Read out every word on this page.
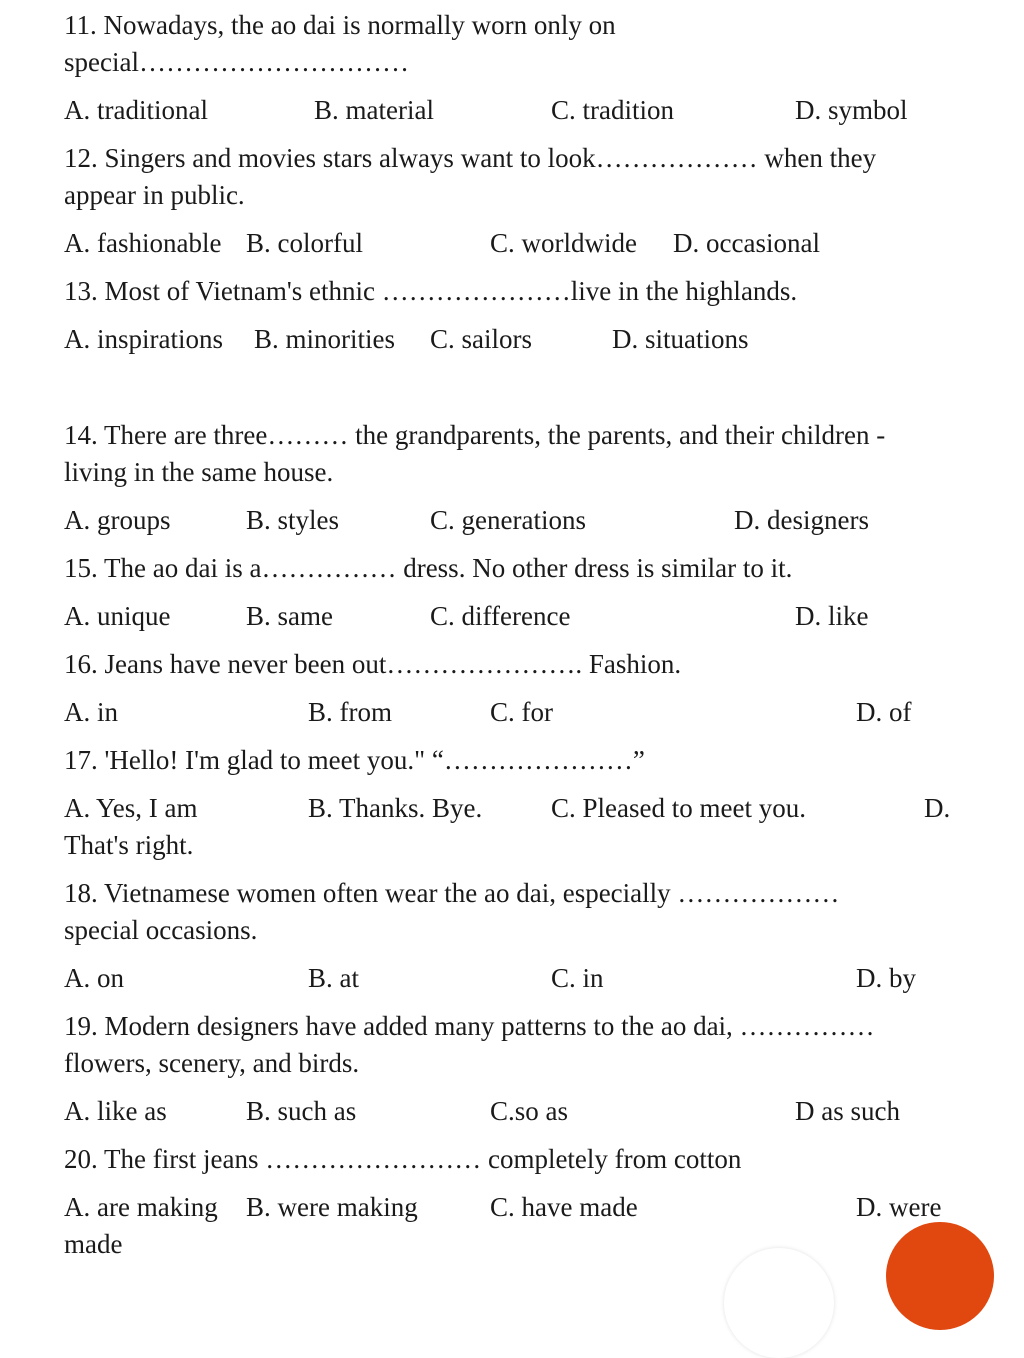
11. Nowadays, the ao dai is normally worn only on
special…………………………
A. traditional	B. material	C. tradition	D. symbol
12. Singers and movies stars always want to look……………… when they
appear in public.
A. fashionable B. colorful	C. worldwide D. occasional
13. Most of Vietnam's ethnic …………………live in the highlands.
A. inspirations B. minorities C. sailors	D. situations
14. There are three……… the grandparents, the parents, and their children -
living in the same house.
A. groups	B. styles	C. generations	D. designers
15. The ao dai is a…………… dress. No other dress is similar to it.
A. unique	B. same	C. difference	D. like
16. Jeans have never been out…………………. Fashion.
A. in	B. from	C. for	D. of
17. 'Hello! I'm glad to meet you." “…………………”
A. Yes, I am	B. Thanks. Bye.	C. Pleased to meet you.	D.
That's right.
18. Vietnamese women often wear the ao dai, especially ………………
special occasions.
A. on	B. at	C. in	D. by
19. Modern designers have added many patterns to the ao dai, ……………
flowers, scenery, and birds.
A. like as	B. such as	C.so as	D as such
20. The first jeans …………………… completely from cotton
A. are making B. were making	C. have made	D. were
made
